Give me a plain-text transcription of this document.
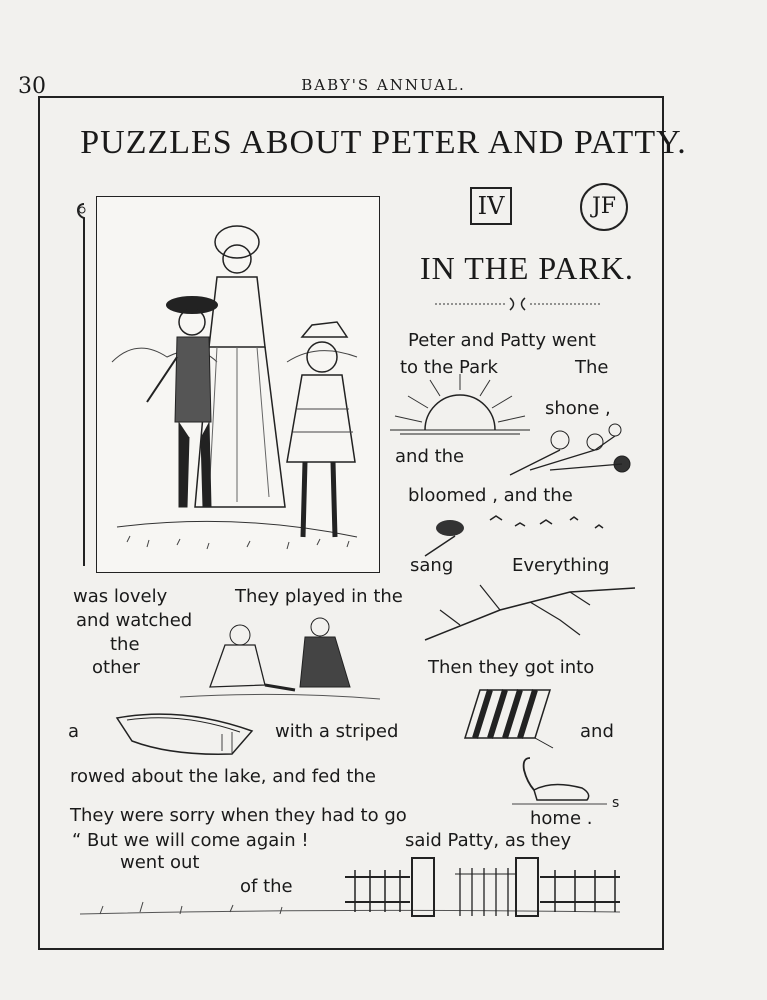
30	BABY'S ANNUAL.
PUZZLES ABOUT PETER AND PATTY.
IV	JF
IN THE PARK.
Peter and Patty went
to the Park	The
shone ,
and the
bloomed , and the
sang	Everything
was lovely	They played in the
and watched
the
other	Then they got into
a	with a striped	and
rowed about the lake, and fed the
They were sorry when they had to go	home .
s
“ But we will come again !	said Patty, as they
went out
of the
